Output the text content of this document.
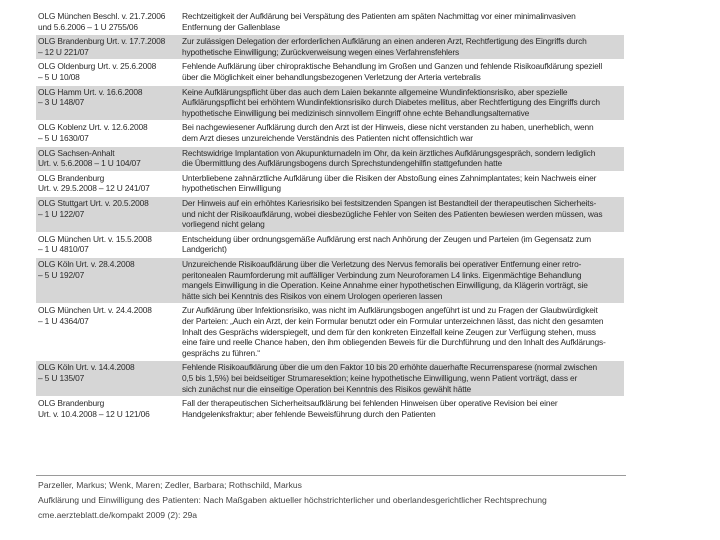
OLG München Beschl. v. 21.7.2006
und 5.6.2006 – 1 U 2755/06
Rechtzeitigkeit der Aufklärung bei Verspätung des Patienten am späten Nachmittag vor einer minimalinvasiven
Entfernung der Gallenblase
OLG Brandenburg Urt. v. 17.7.2008
– 12 U 221/07
Zur zulässigen Delegation der erforderlichen Aufklärung an einen anderen Arzt, Rechtfertigung des Eingriffs durch
hypothetische Einwilligung; Zurückverweisung wegen eines Verfahrensfehlers
OLG Oldenburg Urt. v. 25.6.2008
– 5 U 10/08
Fehlende Aufklärung über chiropraktische Behandlung im Großen und Ganzen und fehlende Risikoaufklärung speziell
über die Möglichkeit einer behandlungsbezogenen Verletzung der Arteria vertebralis
OLG Hamm Urt. v. 16.6.2008
– 3 U 148/07
Keine Aufklärungspflicht über das auch dem Laien bekannte allgemeine Wundinfektionsrisiko, aber spezielle
Aufklärungspflicht bei erhöhtem Wundinfektionsrisiko durch Diabetes mellitus, aber Rechtfertigung des Eingriffs durch
hypothetische Einwilligung bei medizinisch sinnvollem Eingriff ohne echte Behandlungsalternative
OLG Koblenz Urt. v. 12.6.2008
– 5 U 1630/07
Bei nachgewiesener Aufklärung durch den Arzt ist der Hinweis, diese nicht verstanden zu haben, unerheblich, wenn
dem Arzt dieses unzureichende Verständnis des Patienten nicht offensichtlich war
OLG Sachsen-Anhalt
Urt. v. 5.6.2008 – 1 U 104/07
Rechtswidrige Implantation von Akupunkturnadeln im Ohr, da kein ärztliches Aufklärungsgespräch, sondern lediglich
die Übermittlung des Aufklärungsbogens durch Sprechstundengehilfin stattgefunden hatte
OLG Brandenburg
Urt. v. 29.5.2008 – 12 U 241/07
Unterbliebene zahnärztliche Aufklärung über die Risiken der Abstoßung eines Zahnimplantates; kein Nachweis einer
hypothetischen Einwilligung
OLG Stuttgart Urt. v. 20.5.2008
– 1 U 122/07
Der Hinweis auf ein erhöhtes Kariesrisiko bei festsitzenden Spangen ist Bestandteil der therapeutischen Sicherheits-
und nicht der Risikoaufklärung, wobei diesbezügliche Fehler von Seiten des Patienten bewiesen werden müssen, was
vorliegend nicht gelang
OLG München Urt. v. 15.5.2008
– 1 U 4810/07
Entscheidung über ordnungsgemäße Aufklärung erst nach Anhörung der Zeugen und Parteien (im Gegensatz zum
Landgericht)
OLG Köln Urt. v. 28.4.2008
– 5 U 192/07
Unzureichende Risikoaufklärung über die Verletzung des Nervus femoralis bei operativer Entfernung einer retro-
peritonealen Raumforderung mit auffälliger Verbindung zum Neuroforamen L4 links. Eigenmächtige Behandlung
mangels Einwilligung in die Operation. Keine Annahme einer hypothetischen Einwilligung, da Klägerin vorträgt, sie
hätte sich bei Kenntnis des Risikos von einem Urologen operieren lassen
OLG München Urt. v. 24.4.2008
– 1 U 4364/07
Zur Aufklärung über Infektionsrisiko, was nicht im Aufklärungsbogen angeführt ist und zu Fragen der Glaubwürdigkeit
der Parteien: „Auch ein Arzt, der kein Formular benutzt oder ein Formular unterzeichnen lässt, das nicht den gesamten
Inhalt des Gesprächs widerspiegelt, und dem für den konkreten Einzelfall keine Zeugen zur Verfügung stehen, muss
eine faire und reelle Chance haben, den ihm obliegenden Beweis für die Durchführung und den Inhalt des Aufklärungs-
gesprächs zu führen.“
OLG Köln Urt. v. 14.4.2008
– 5 U 135/07
Fehlende Risikoaufklärung über die um den Faktor 10 bis 20 erhöhte dauerhafte Recurrensparese (normal zwischen
0,5 bis 1,5%) bei beidseitiger Strumaresektion; keine hypothetische Einwilligung, wenn Patient vorträgt, dass er
sich zunächst nur die einseitige Operation bei Kenntnis des Risikos gewählt hätte
OLG Brandenburg
Urt. v. 10.4.2008 – 12 U 121/06
Fall der therapeutischen Sicherheitsaufklärung bei fehlenden Hinweisen über operative Revision bei einer
Handgelenksfraktur; aber fehlende Beweisführung durch den Patienten
Parzeller, Markus; Wenk, Maren; Zedler, Barbara; Rothschild, Markus
Aufklärung und Einwilligung des Patienten: Nach Maßgaben aktueller höchstrichterlicher und oberlandesgerichtlicher Rechtsprechung
cme.aerzteblatt.de/kompakt 2009 (2): 29a
